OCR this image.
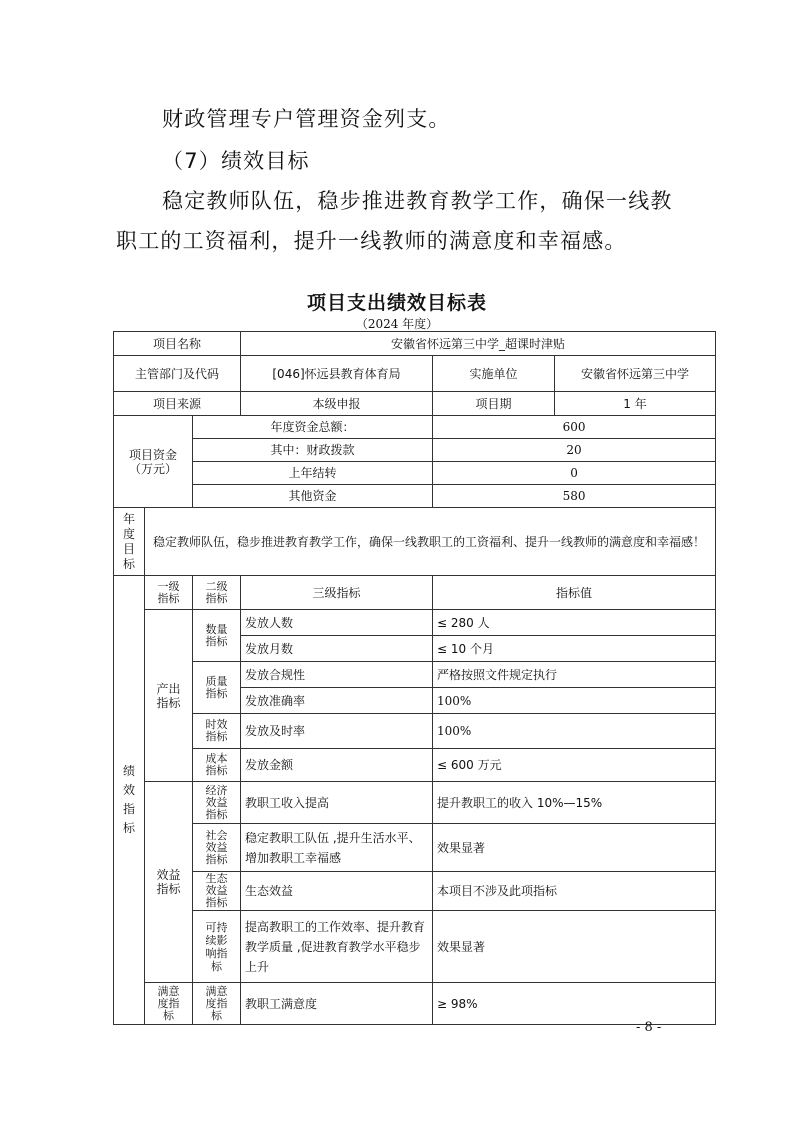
财政管理专户管理资金列支。
（7）绩效目标
稳定教师队伍，稳步推进教育教学工作，确保一线教
职工的工资福利，提升一线教师的满意度和幸福感。
项目支出绩效目标表
（2024 年度）
项目名称			安徽省怀远第三中学_超课时津贴		
主管部门及代码			[046]怀远县教育体育局	实施单位	安徽省怀远第三中学
项目来源			本级申报	项目期	1 年
项目资金（万元）		年度资金总额：		600	
		其中：财政拨款		20	
		上年结转		0	
		其他资金		580	
年度目标	稳定教师队伍，稳步推进教育教学工作，确保一线教职工的工资福利、提升一线教师的满意度和幸福感！				
绩效指标	一级指标	二级指标	三级指标	指标值	
	产出指标	数量指标	发放人数	≤ 280 人	
			发放月数	≤ 10 个月	
		质量指标	发放合规性	严格按照文件规定执行	
			发放准确率	100%	
		时效指标	发放及时率	100%	
		成本指标	发放金额	≤ 600 万元	
	效益指标	经济效益指标	教职工收入提高	提升教职工的收入 10%—15%	
		社会效益指标	稳定教职工队伍 ,提升生活水平、增加教职工幸福感	效果显著	
		生态效益指标	生态效益	本项目不涉及此项指标	
		可持续影响指标	提高教职工的工作效率、提升教育教学质量 ,促进教育教学水平稳步上升	效果显著	
	满意度指标	满意度指标	教职工满意度	≥ 98%	
- 8 -
